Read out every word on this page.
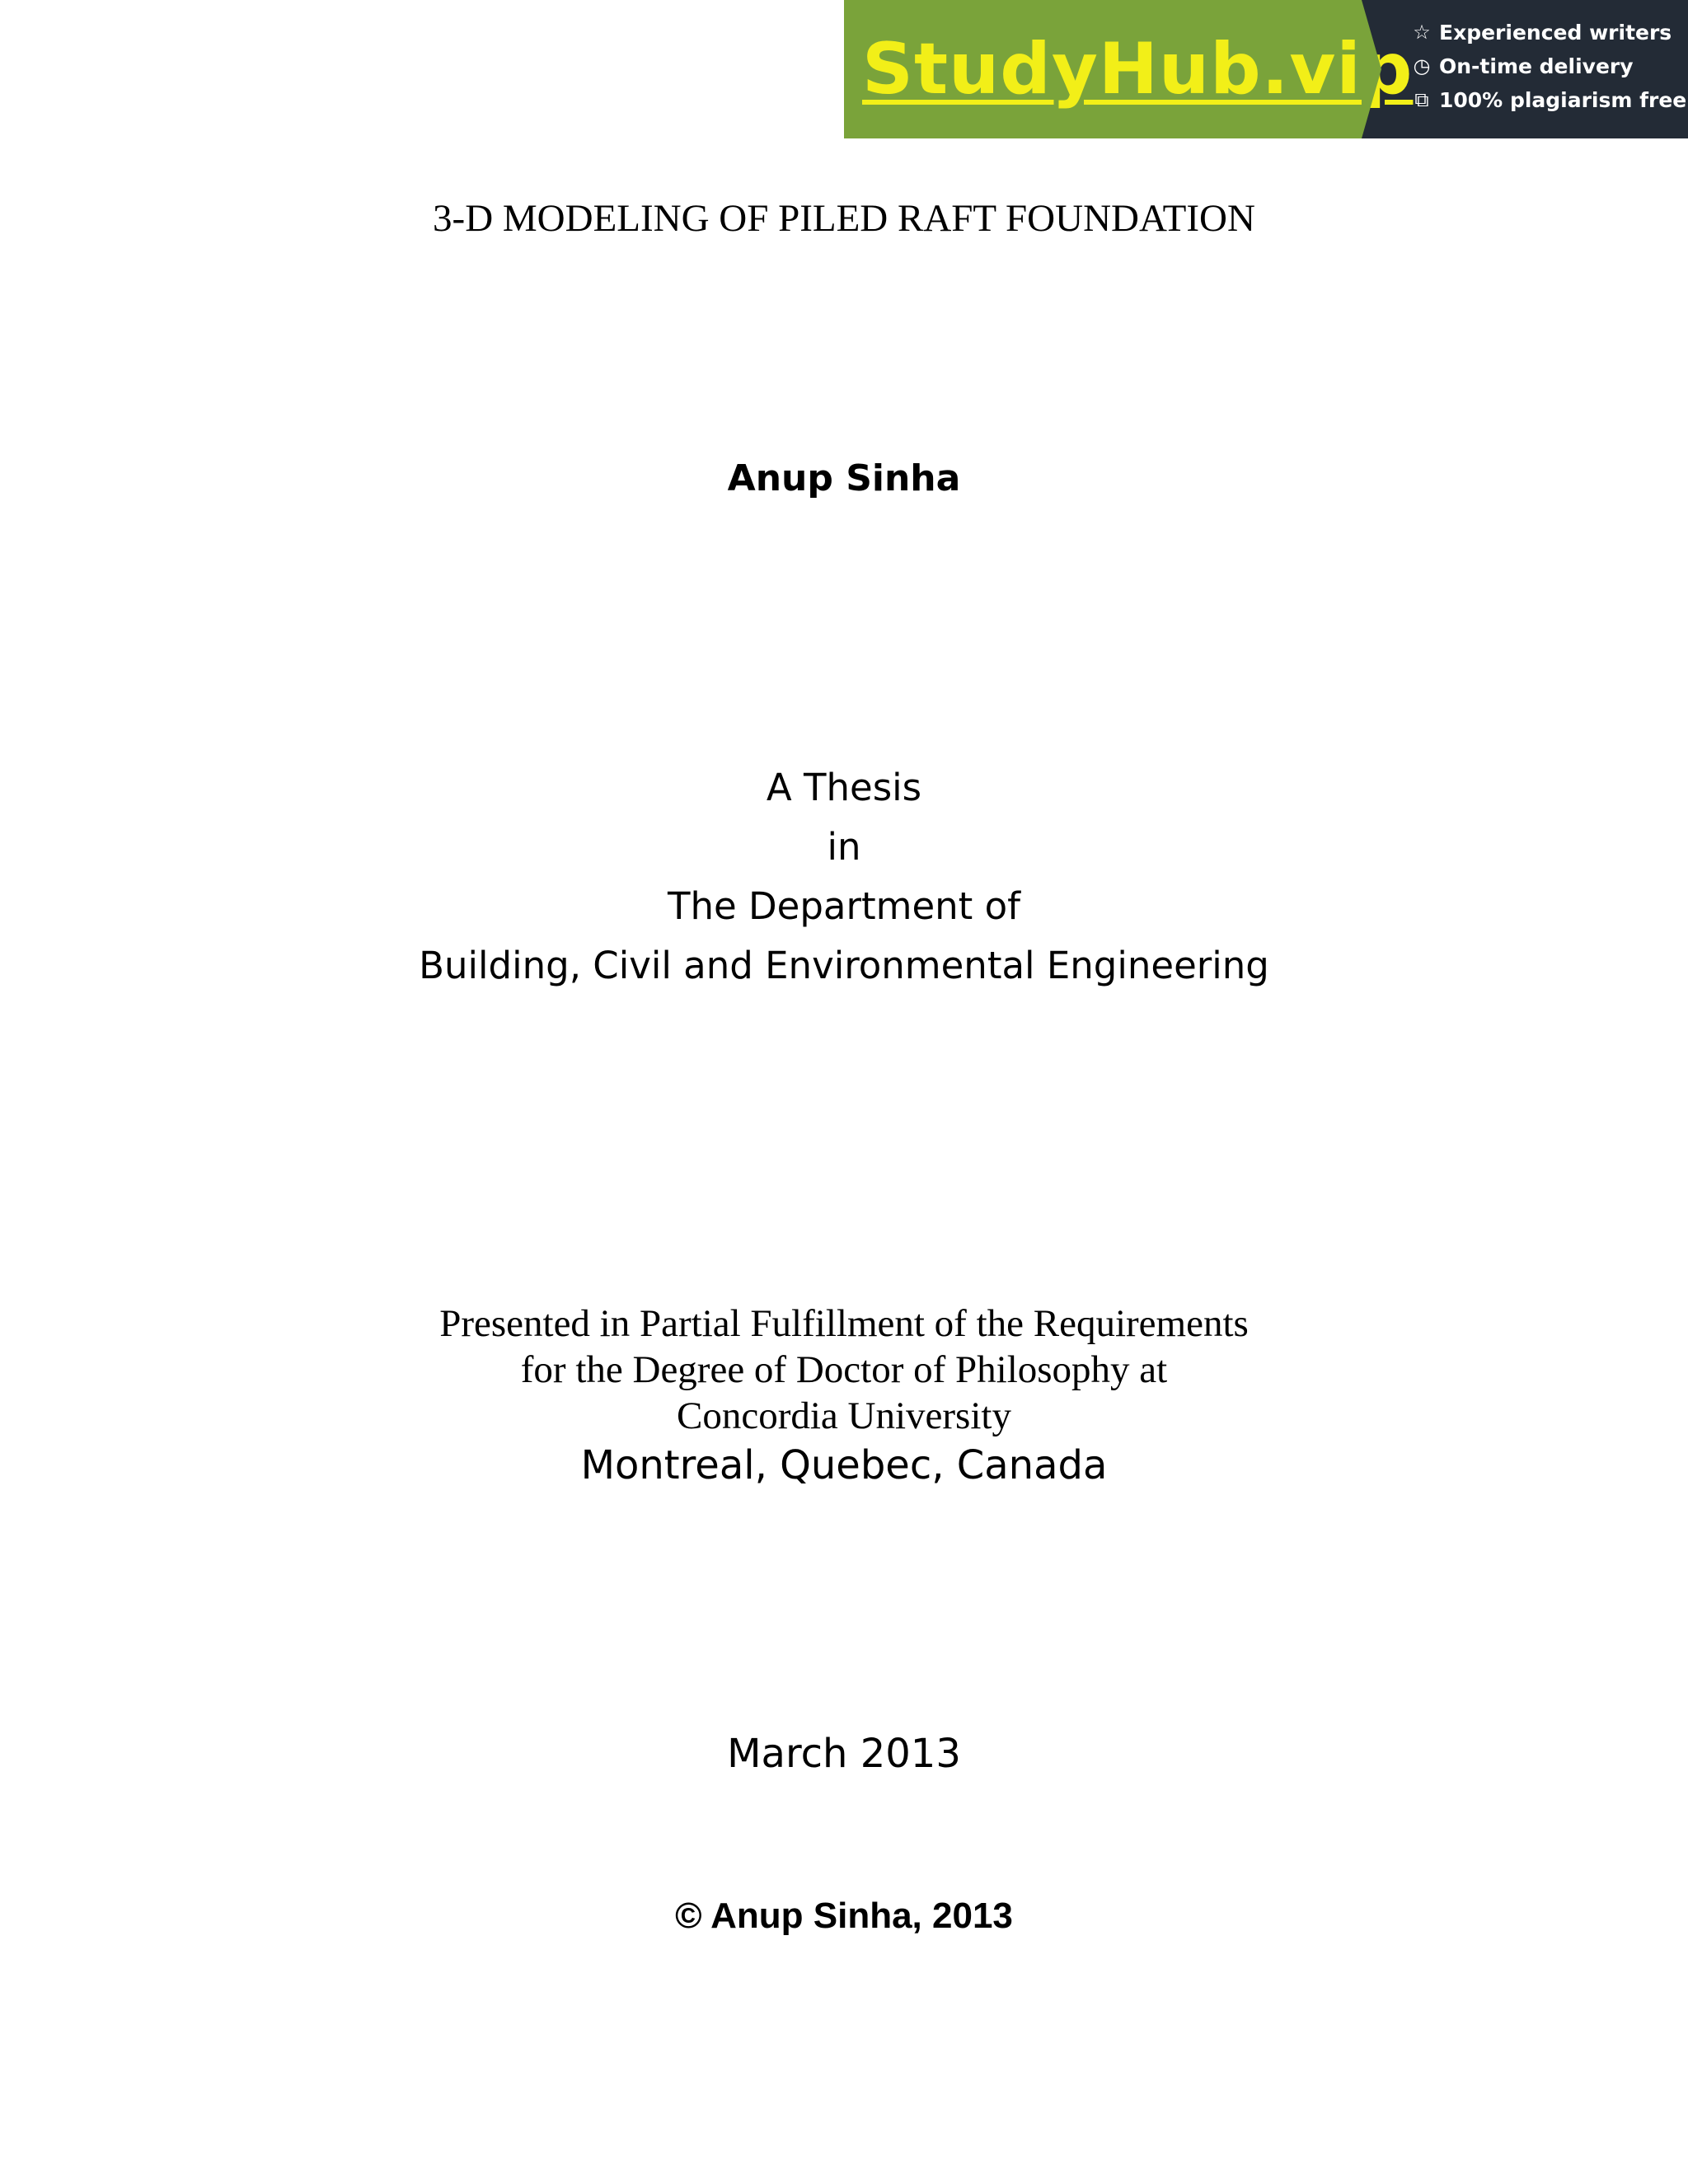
StudyHub.vip ☆ Experienced writers
◷ On-time delivery
⧉ 100% plagiarism free
3-D MODELING OF PILED RAFT FOUNDATION
Anup Sinha
A Thesis
in
The Department of
Building, Civil and Environmental Engineering
Presented in Partial Fulfillment of the Requirements
for the Degree of Doctor of Philosophy at
Concordia University
Montreal, Quebec, Canada
March 2013
© Anup Sinha, 2013
